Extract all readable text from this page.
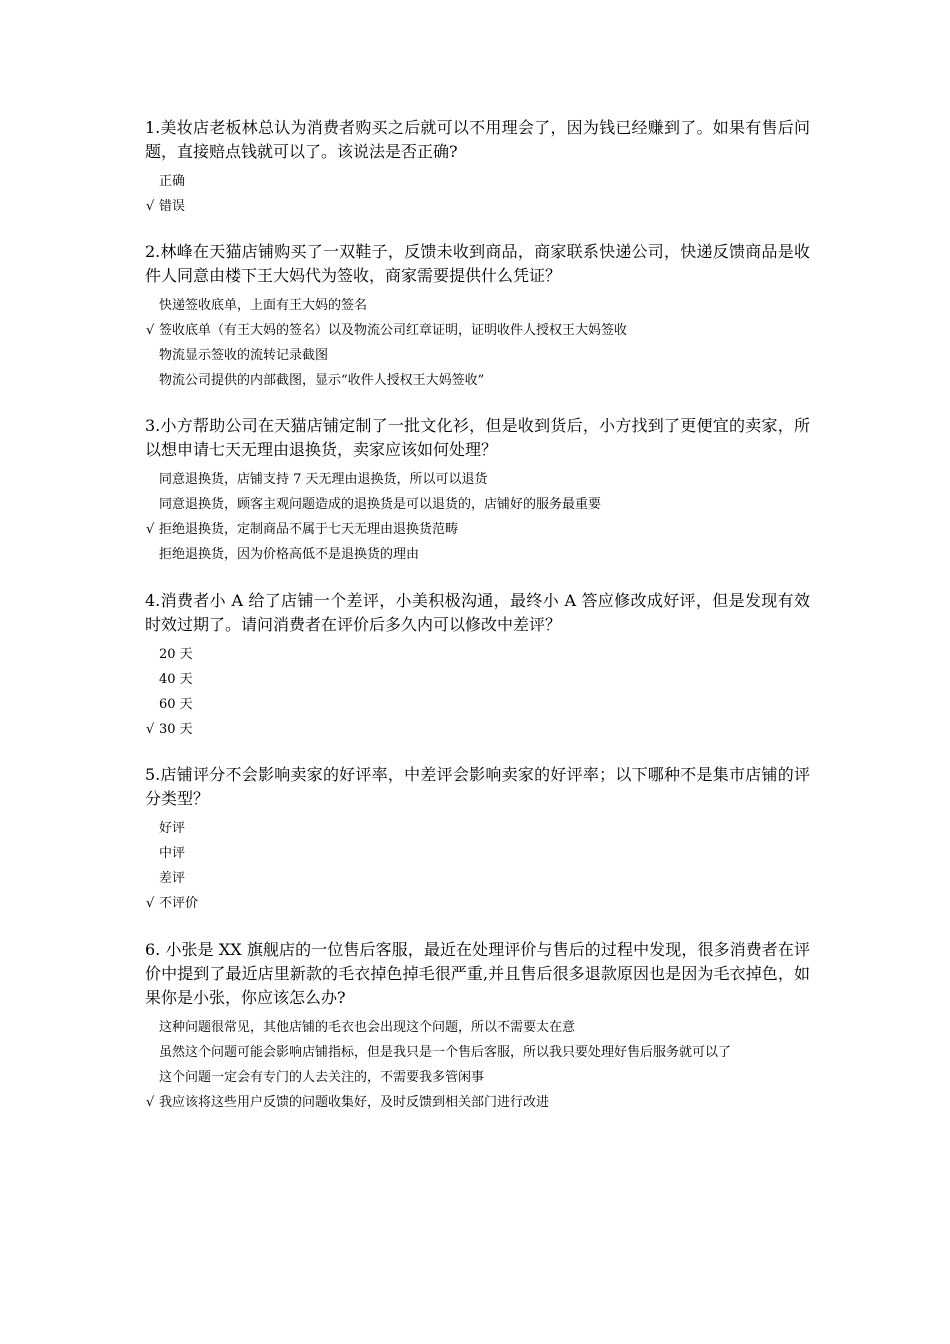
1.美妆店老板林总认为消费者购买之后就可以不用理会了，因为钱已经赚到了。如果有售后问题，直接赔点钱就可以了。该说法是否正确?

正确
√ 错误

2.林峰在天猫店铺购买了一双鞋子，反馈未收到商品，商家联系快递公司，快递反馈商品是收件人同意由楼下王大妈代为签收，商家需要提供什么凭证？

快递签收底单，上面有王大妈的签名
√ 签收底单（有王大妈的签名）以及物流公司红章证明，证明收件人授权王大妈签收
物流显示签收的流转记录截图
物流公司提供的内部截图，显示“收件人授权王大妈签收”

3.小方帮助公司在天猫店铺定制了一批文化衫，但是收到货后，小方找到了更便宜的卖家，所以想申请七天无理由退换货，卖家应该如何处理？

同意退换货，店铺支持 7 天无理由退换货，所以可以退货
同意退换货，顾客主观问题造成的退换货是可以退货的，店铺好的服务最重要
√ 拒绝退换货，定制商品不属于七天无理由退换货范畴
拒绝退换货，因为价格高低不是退换货的理由

4.消费者小 A 给了店铺一个差评，小美积极沟通，最终小 A 答应修改成好评，但是发现有效时效过期了。请问消费者在评价后多久内可以修改中差评？

20 天
40 天
60 天
√ 30 天

5.店铺评分不会影响卖家的好评率，中差评会影响卖家的好评率；以下哪种不是集市店铺的评分类型？

好评
中评
差评
√ 不评价

6. 小张是 XX 旗舰店的一位售后客服，最近在处理评价与售后的过程中发现，很多消费者在评价中提到了最近店里新款的毛衣掉色掉毛很严重,并且售后很多退款原因也是因为毛衣掉色，如果你是小张，你应该怎么办?

这种问题很常见，其他店铺的毛衣也会出现这个问题，所以不需要太在意
虽然这个问题可能会影响店铺指标，但是我只是一个售后客服，所以我只要处理好售后服务就可以了
这个问题一定会有专门的人去关注的，不需要我多管闲事
√ 我应该将这些用户反馈的问题收集好，及时反馈到相关部门进行改进
